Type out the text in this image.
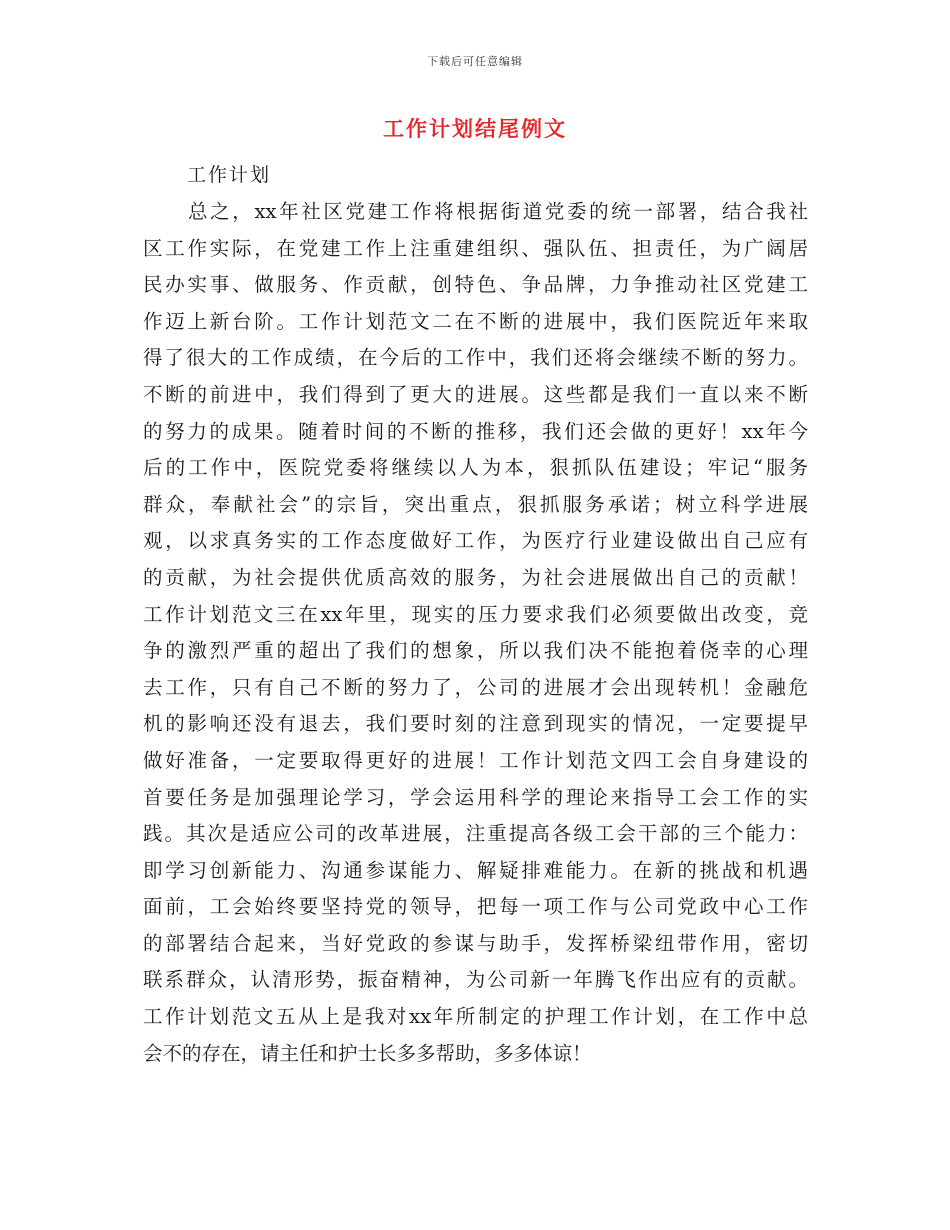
下载后可任意编辑
工作计划结尾例文
工作计划
总之，xx年社区党建工作将根据街道党委的统一部署，结合我社
区工作实际，在党建工作上注重建组织、强队伍、担责任，为广阔居
民办实事、做服务、作贡献，创特色、争品牌，力争推动社区党建工
作迈上新台阶。工作计划范文二在不断的进展中，我们医院近年来取
得了很大的工作成绩，在今后的工作中，我们还将会继续不断的努力。
不断的前进中，我们得到了更大的进展。这些都是我们一直以来不断
的努力的成果。随着时间的不断的推移，我们还会做的更好！xx年今
后的工作中，医院党委将继续以人为本，狠抓队伍建设；牢记“服务
群众，奉献社会”的宗旨，突出重点，狠抓服务承诺；树立科学进展
观，以求真务实的工作态度做好工作，为医疗行业建设做出自己应有
的贡献，为社会提供优质高效的服务，为社会进展做出自己的贡献！
工作计划范文三在xx年里，现实的压力要求我们必须要做出改变，竞
争的激烈严重的超出了我们的想象，所以我们决不能抱着侥幸的心理
去工作，只有自己不断的努力了，公司的进展才会出现转机！金融危
机的影响还没有退去，我们要时刻的注意到现实的情况，一定要提早
做好准备，一定要取得更好的进展！工作计划范文四工会自身建设的
首要任务是加强理论学习，学会运用科学的理论来指导工会工作的实
践。其次是适应公司的改革进展，注重提高各级工会干部的三个能力：
即学习创新能力、沟通参谋能力、解疑排难能力。在新的挑战和机遇
面前，工会始终要坚持党的领导，把每一项工作与公司党政中心工作
的部署结合起来，当好党政的参谋与助手，发挥桥梁纽带作用，密切
联系群众，认清形势，振奋精神，为公司新一年腾飞作出应有的贡献。
工作计划范文五从上是我对xx年所制定的护理工作计划，在工作中总
会不的存在，请主任和护士长多多帮助，多多体谅！
